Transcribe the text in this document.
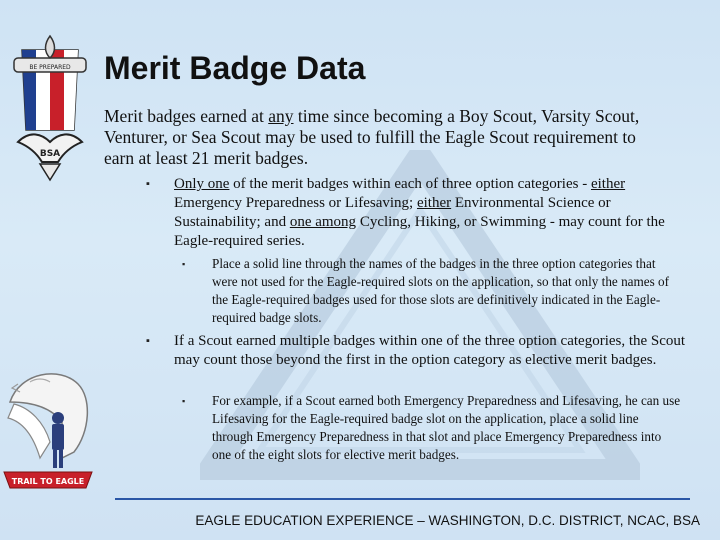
BE PREPARED
BSA
TRAIL TO EAGLE
Merit Badge Data

Merit badges earned at any time since becoming a Boy Scout, Varsity Scout, Venturer, or Sea Scout may be used to fulfill the Eagle Scout requirement to earn at least 21 merit badges.

▪ Only one of the merit badges within each of three option categories - either Emergency Preparedness or Lifesaving; either Environmental Science or Sustainability; and one among Cycling, Hiking, or Swimming - may count for the Eagle-required series.
▪ Place a solid line through the names of the badges in the three option categories that were not used for the Eagle-required slots on the application, so that only the names of the Eagle-required badges used for those slots are definitively indicated in the Eagle-required badge slots.
▪ If a Scout earned multiple badges within one of the three option categories, the Scout may count those beyond the first in the option category as elective merit badges.
▪ For example, if a Scout earned both Emergency Preparedness and Lifesaving, he can use Lifesaving for the Eagle-required badge slot on the application, place a solid line through Emergency Preparedness in that slot and place Emergency Preparedness into one of the eight slots for elective merit badges.
EAGLE EDUCATION EXPERIENCE – WASHINGTON, D.C. DISTRICT, NCAC, BSA
